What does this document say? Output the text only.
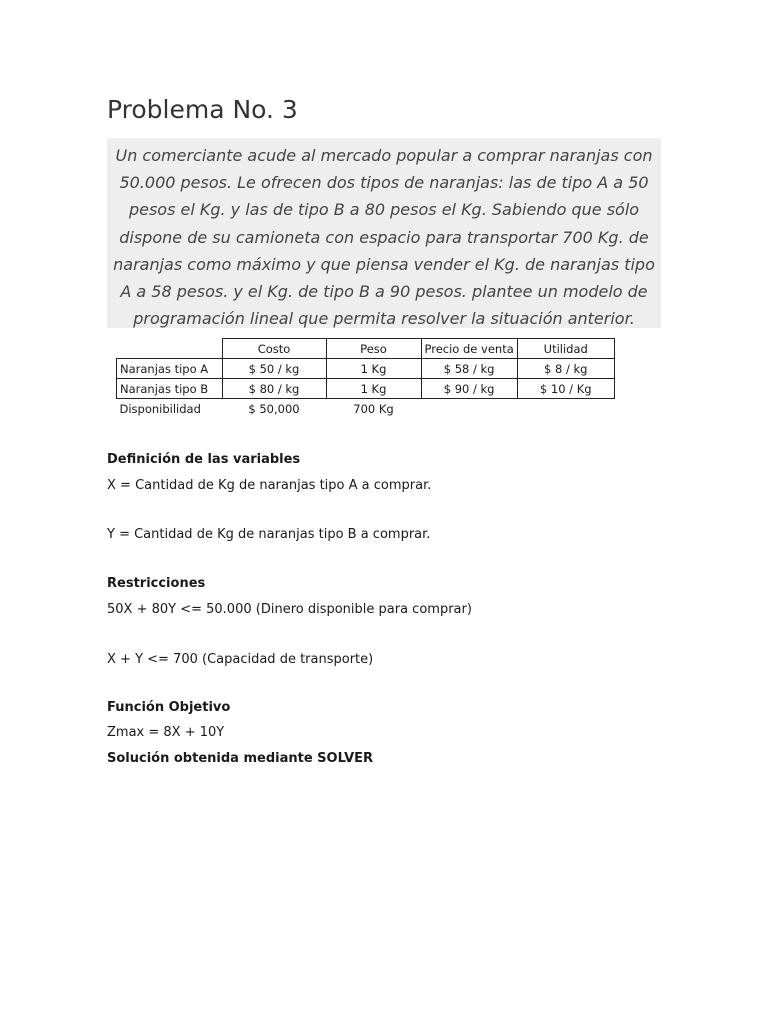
Problema No. 3
Un comerciante acude al mercado popular a comprar naranjas con 50.000 pesos. Le ofrecen dos tipos de naranjas: las de tipo A a 50 pesos el Kg. y las de tipo B a 80 pesos el Kg. Sabiendo que sólo dispone de su camioneta con espacio para transportar 700 Kg. de naranjas como máximo y que piensa vender el Kg. de naranjas tipo A a 58 pesos. y el Kg. de tipo B a 90 pesos. plantee un modelo de programación lineal que permita resolver la situación anterior.
	Costo	Peso	Precio de venta	Utilidad
Naranjas tipo A	$ 50 / kg	1 Kg	$ 58 / kg	$ 8 / kg
Naranjas tipo B	$ 80 / kg	1 Kg	$ 90 / kg	$ 10 / Kg
Disponibilidad	$ 50,000	700 Kg		

Definición de las variables

X = Cantidad de Kg de naranjas tipo A a comprar.

Y = Cantidad de Kg de naranjas tipo B a comprar.

Restricciones

50X + 80Y <= 50.000 (Dinero disponible para comprar)

X + Y <= 700 (Capacidad de transporte)

Función Objetivo

Zmax = 8X + 10Y

Solución obtenida mediante SOLVER
